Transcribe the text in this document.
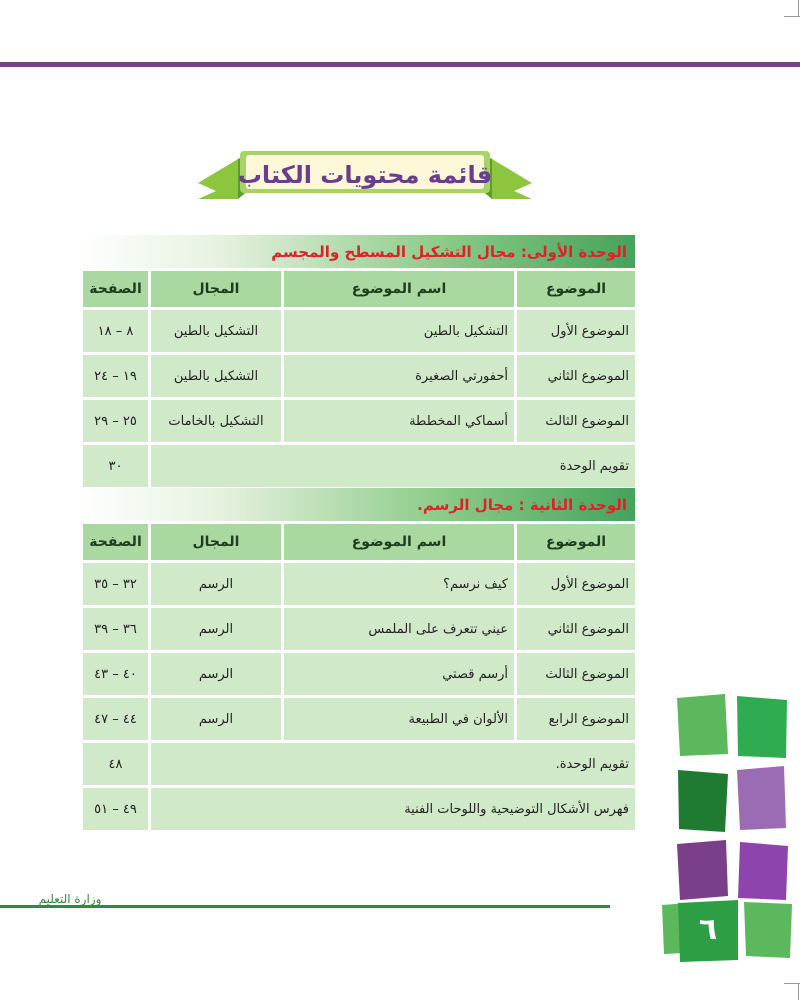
قائمة محتويات الكتاب
الوحدة الأولى: مجال التشكيل المسطح والمجسم
الموضوع	اسم الموضوع	المجال	الصفحة
الموضوع الأول	التشكيل بالطين	التشكيل بالطين	٨ – ١٨
الموضوع الثاني	أحفورتي الصغيرة	التشكيل بالطين	١٩ – ٢٤
الموضوع الثالث	أسماكي المخططة	التشكيل بالخامات	٢٥ – ٢٩
تقويم الوحدة			٣٠
الوحدة الثانية : مجال الرسم.
الموضوع	اسم الموضوع	المجال	الصفحة
الموضوع الأول	كيف نرسم؟	الرسم	٣٢ – ٣٥
الموضوع الثاني	عيني تتعرف على الملمس	الرسم	٣٦ – ٣٩
الموضوع الثالث	أرسم قصتي	الرسم	٤٠ – ٤٣
الموضوع الرابع	الألوان في الطبيعة	الرسم	٤٤ – ٤٧
تقويم الوحدة.			٤٨
فهرس الأشكال التوضيحية واللوحات الفنية			٤٩ – ٥١
وزارة التعليم
٦
